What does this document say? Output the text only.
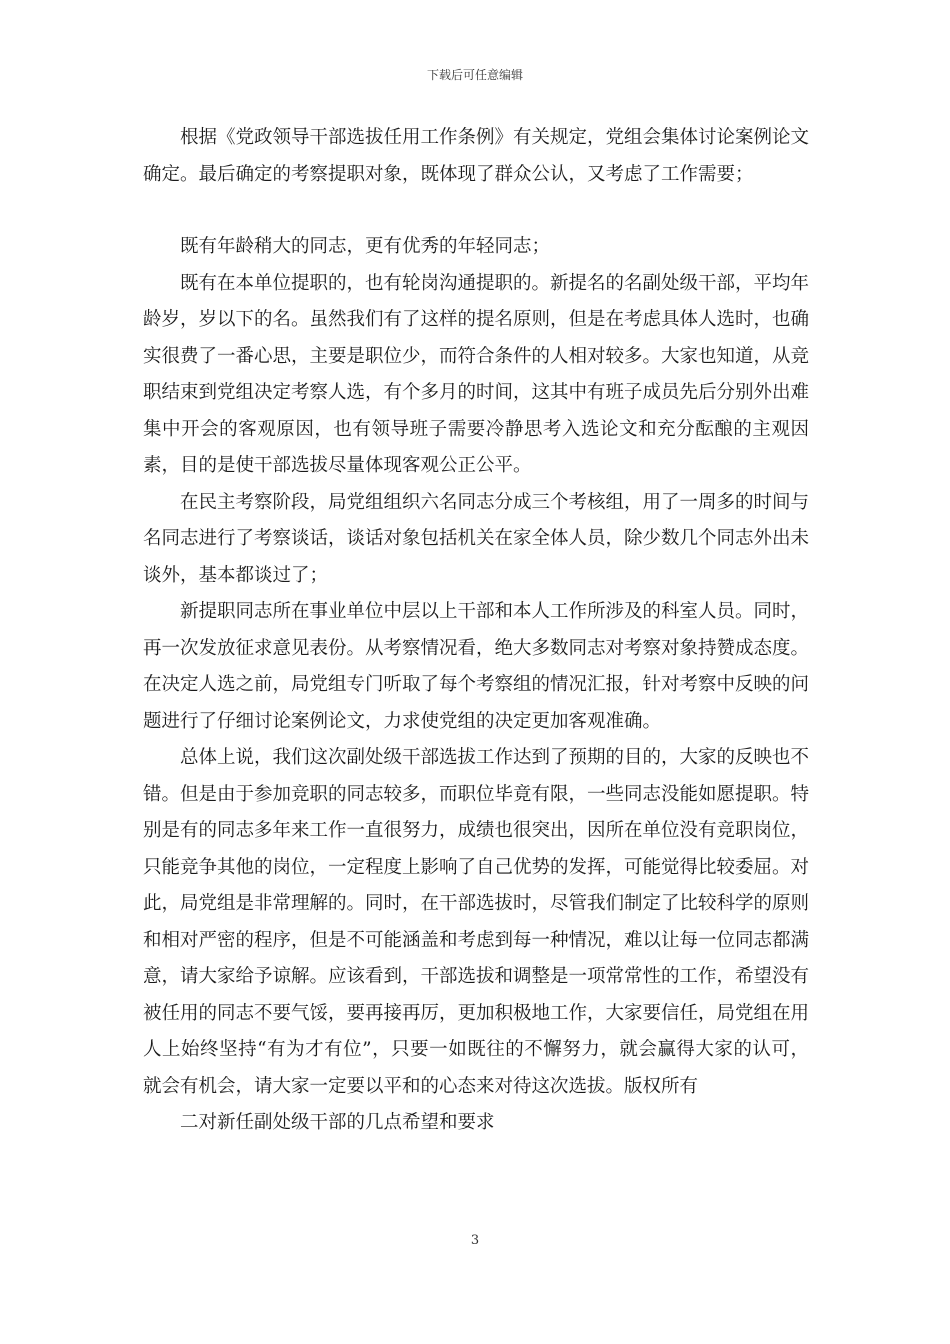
下载后可任意编辑

根据《党政领导干部选拔任用工作条例》有关规定，党组会集体讨论案例论文确定。最后确定的考察提职对象，既体现了群众公认，又考虑了工作需要；

既有年龄稍大的同志，更有优秀的年轻同志；

既有在本单位提职的，也有轮岗沟通提职的。新提名的名副处级干部，平均年龄岁，岁以下的名。虽然我们有了这样的提名原则，但是在考虑具体人选时，也确实很费了一番心思，主要是职位少，而符合条件的人相对较多。大家也知道，从竞职结束到党组决定考察人选，有个多月的时间，这其中有班子成员先后分别外出难集中开会的客观原因，也有领导班子需要冷静思考入选论文和充分酝酿的主观因素，目的是使干部选拔尽量体现客观公正公平。

在民主考察阶段，局党组组织六名同志分成三个考核组，用了一周多的时间与名同志进行了考察谈话，谈话对象包括机关在家全体人员，除少数几个同志外出未谈外，基本都谈过了；

新提职同志所在事业单位中层以上干部和本人工作所涉及的科室人员。同时，再一次发放征求意见表份。从考察情况看，绝大多数同志对考察对象持赞成态度。在决定人选之前，局党组专门听取了每个考察组的情况汇报，针对考察中反映的问题进行了仔细讨论案例论文，力求使党组的决定更加客观准确。

总体上说，我们这次副处级干部选拔工作达到了预期的目的，大家的反映也不错。但是由于参加竞职的同志较多，而职位毕竟有限，一些同志没能如愿提职。特别是有的同志多年来工作一直很努力，成绩也很突出，因所在单位没有竞职岗位，只能竞争其他的岗位，一定程度上影响了自己优势的发挥，可能觉得比较委屈。对此，局党组是非常理解的。同时，在干部选拔时，尽管我们制定了比较科学的原则和相对严密的程序，但是不可能涵盖和考虑到每一种情况，难以让每一位同志都满意，请大家给予谅解。应该看到，干部选拔和调整是一项常常性的工作，希望没有被任用的同志不要气馁，要再接再厉，更加积极地工作，大家要信任，局党组在用人上始终坚持“有为才有位”，只要一如既往的不懈努力，就会赢得大家的认可，就会有机会，请大家一定要以平和的心态来对待这次选拔。版权所有

二对新任副处级干部的几点希望和要求

3
